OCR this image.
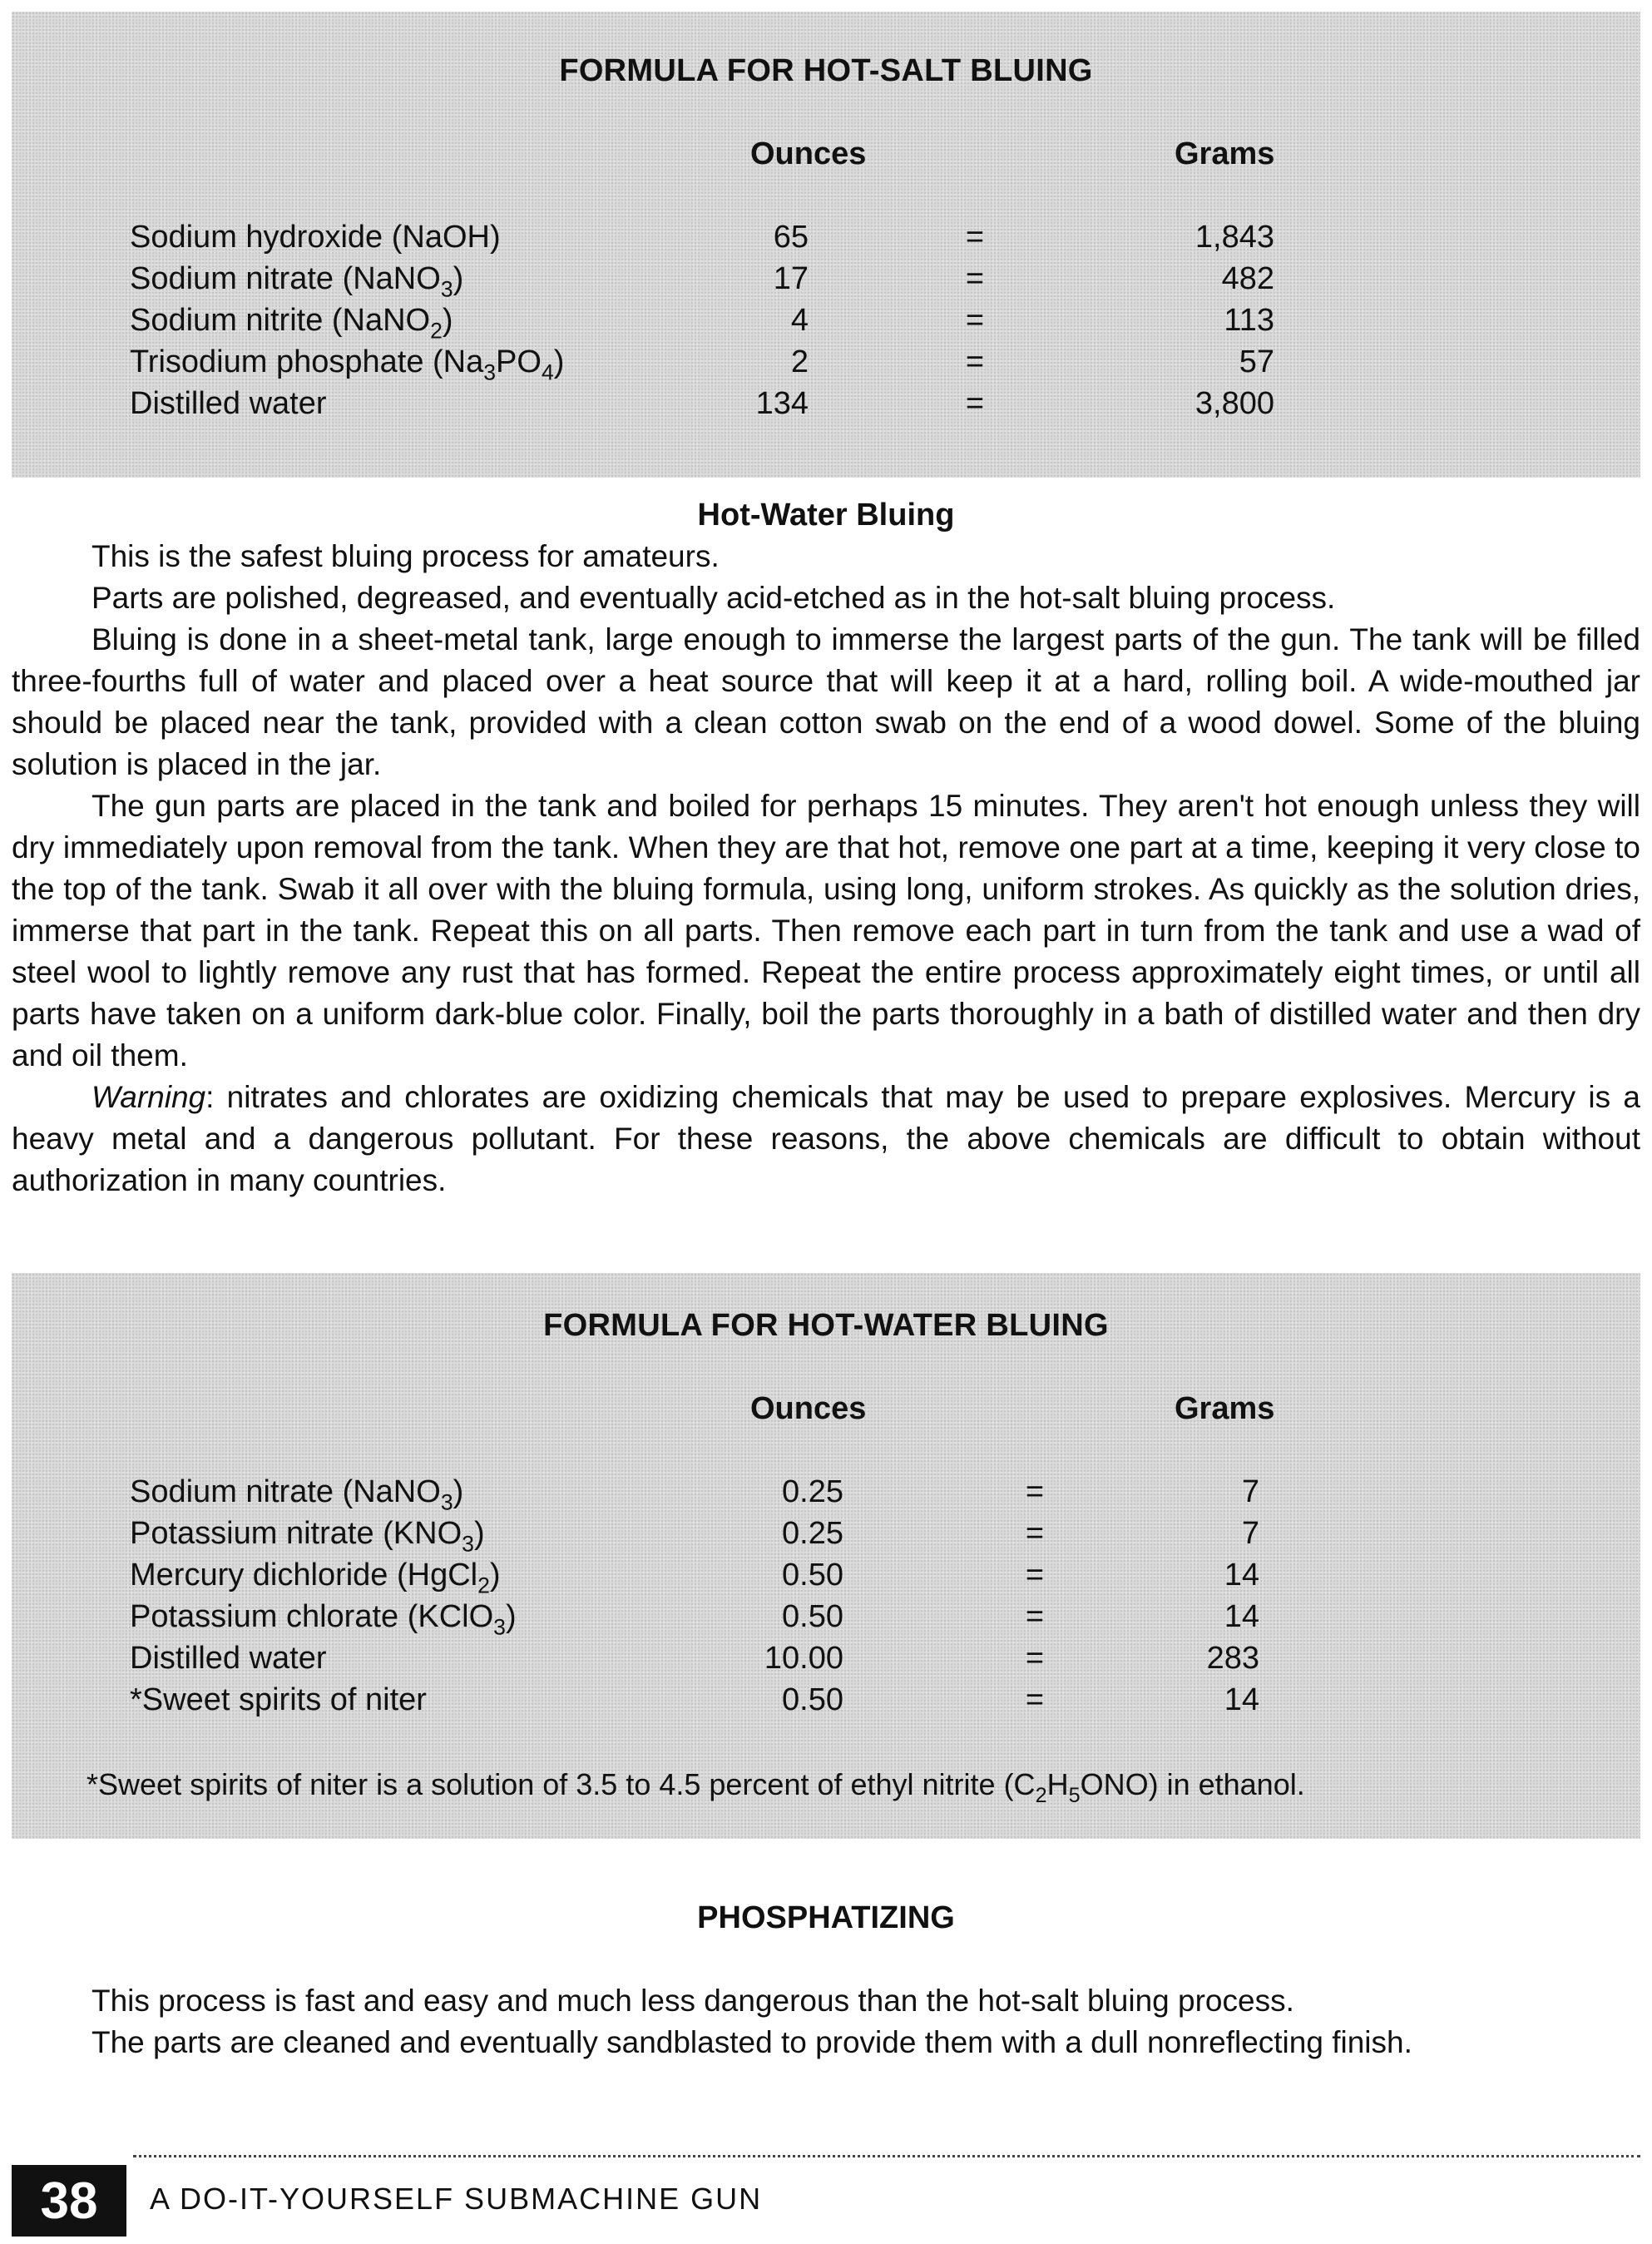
FORMULA FOR HOT-SALT BLUING
Ounces	Grams
Sodium hydroxide (NaOH)	65	=	1,843
Sodium nitrate (NaNO$_3$)	17	=	482
Sodium nitrite (NaNO$_2$)	4	=	113
Trisodium phosphate $(Na_3PO_4)$	2	=	57
Distilled water	134	=	3,800
Hot-Water Bluing

This is the safest bluing process for amateurs.

Parts are polished, degreased, and eventually acid-etched as in the hot-salt bluing process.

Bluing is done in a sheet-metal tank, large enough to immerse the largest parts of the gun. The tank will be filled three-fourths full of water and placed over a heat source that will keep it at a hard, rolling boil. A wide-mouthed jar should be placed near the tank, provided with a clean cotton swab on the end of a wood dowel. Some of the bluing solution is placed in the jar.

The gun parts are placed in the tank and boiled for perhaps 15 minutes. They aren't hot enough unless they will dry immediately upon removal from the tank. When they are that hot, remove one part at a time, keeping it very close to the top of the tank. Swab it all over with the bluing formula, using long, uniform strokes. As quickly as the solution dries, immerse that part in the tank. Repeat this on all parts. Then remove each part in turn from the tank and use a wad of steel wool to lightly remove any rust that has formed. Repeat the entire process approximately eight times, or until all parts have taken on a uniform dark-blue color. Finally, boil the parts thoroughly in a bath of distilled water and then dry and oil them.

Warning: nitrates and chlorates are oxidizing chemicals that may be used to prepare explosives. Mercury is a heavy metal and a dangerous pollutant. For these reasons, the above chemicals are difficult to obtain without authorization in many countries.

FORMULA FOR HOT-WATER BLUING
Ounces	Grams
Sodium nitrate (NaNO$_3$)	0.25	=	7
Potassium nitrate $(KNO_3)$	0.25	=	7
Mercury dichloride (HgCl$_2$)	0.50	=	14
Potassium chlorate (KClO$_3$)	0.50	=	14
Distilled water	10.00	=	283
*Sweet spirits of niter	0.50	=	14
*Sweet spirits of niter is a solution of 3.5 to 4.5 percent of ethyl nitrite $(C_2H_5ONO)$ in ethanol.
PHOSPHATIZING

This process is fast and easy and much less dangerous than the hot-salt bluing process.

The parts are cleaned and eventually sandblasted to provide them with a dull nonreflecting finish.

38	A DO-IT-YOURSELF SUBMACHINE GUN
